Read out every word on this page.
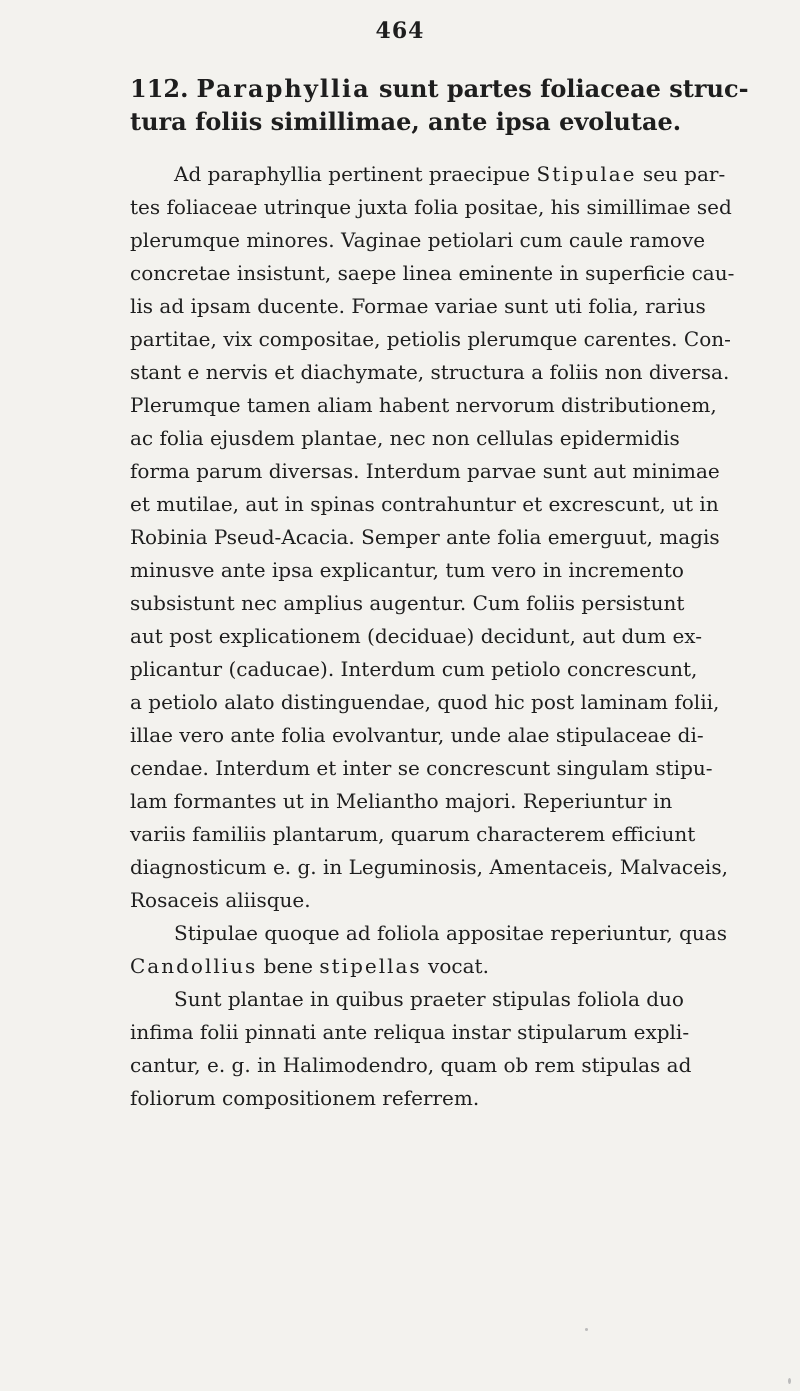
464
112. Paraphyllia sunt partes foliaceae struc-
tura foliis simillimae, ante ipsa evolutae.

Ad paraphyllia pertinent praecipue Stipulae seu par-
tes foliaceae utrinque juxta folia positae, his simillimae sed
plerumque minores. Vaginae petiolari cum caule ramove
concretae insistunt, saepe linea eminente in superficie cau-
lis ad ipsam ducente. Formae variae sunt uti folia, rarius
partitae, vix compositae, petiolis plerumque carentes. Con-
stant e nervis et diachymate, structura a foliis non diversa.
Plerumque tamen aliam habent nervorum distributionem,
ac folia ejusdem plantae, nec non cellulas epidermidis
forma parum diversas. Interdum parvae sunt aut minimae
et mutilae, aut in spinas contrahuntur et excrescunt, ut in
Robinia Pseud-Acacia. Semper ante folia emerguut, magis
minusve ante ipsa explicantur, tum vero in incremento
subsistunt nec amplius augentur. Cum foliis persistunt
aut post explicationem (deciduae) decidunt, aut dum ex-
plicantur (caducae). Interdum cum petiolo concrescunt,
a petiolo alato distinguendae, quod hic post laminam folii,
illae vero ante folia evolvantur, unde alae stipulaceae di-
cendae. Interdum et inter se concrescunt singulam stipu-
lam formantes ut in Melianthо majori. Reperiuntur in
variis familiis plantarum, quarum characterem efficiunt
diagnosticum e. g. in Leguminosis, Amentaceis, Malvaceis,
Rosaceis aliisque.

Stipulae quoque ad foliola appositae reperiuntur, quas
Candollius bene stipellas vocat.

Sunt plantae in quibus praeter stipulas foliola duo
infima folii pinnati ante reliqua instar stipularum expli-
cantur, e. g. in Halimodendro, quam ob rem stipulas ad
foliorum compositionem referrem.
